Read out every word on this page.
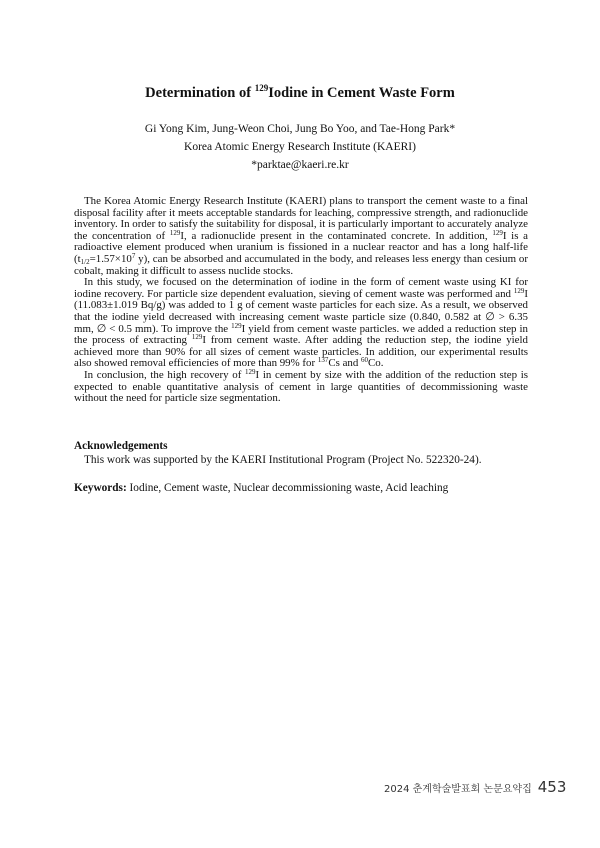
Determination of $^{129}$Iodine in Cement Waste Form
Gi Yong Kim, Jung-Weon Choi, Jung Bo Yoo, and Tae-Hong Park*
Korea Atomic Energy Research Institute (KAERI)
*parktae@kaeri.re.kr

The Korea Atomic Energy Research Institute (KAERI) plans to transport the cement waste to a final disposal facility after it meets acceptable standards for leaching, compressive strength, and radionuclide inventory. In order to satisfy the suitability for disposal, it is particularly important to accurately analyze the concentration of $^{129}$I, a radionuclide present in the contaminated concrete. In addition, $^{129}$I is a radioactive element produced when uranium is fissioned in a nuclear reactor and has a long half-life ($t_{1/2}=1.57\times 10^7$ y), can be absorbed and accumulated in the body, and releases less energy than cesium or cobalt, making it difficult to assess nuclide stocks.

In this study, we focused on the determination of iodine in the form of cement waste using KI for iodine recovery. For particle size dependent evaluation, sieving of cement waste was performed and $^{129}$I (11.083±1.019 Bq/g) was added to 1 g of cement waste particles for each size. As a result, we observed that the iodine yield decreased with increasing cement waste particle size (0.840, 0.582 at ∅ > 6.35 mm, ∅ < 0.5 mm). To improve the $^{129}$I yield from cement waste particles. we added a reduction step in the process of extracting $^{129}$I from cement waste. After adding the reduction step, the iodine yield achieved more than 90% for all sizes of cement waste particles. In addition, our experimental results also showed removal efficiencies of more than 99% for $^{137}$Cs and $^{60}$Co.

In conclusion, the high recovery of $^{129}$I in cement by size with the addition of the reduction step is expected to enable quantitative analysis of cement in large quantities of decommissioning waste without the need for particle size segmentation.

Acknowledgements
This work was supported by the KAERI Institutional Program (Project No. 522320-24).
Keywords: Iodine, Cement waste, Nuclear decommissioning waste, Acid leaching
2024 춘계학술발표회 논문요약집 453
